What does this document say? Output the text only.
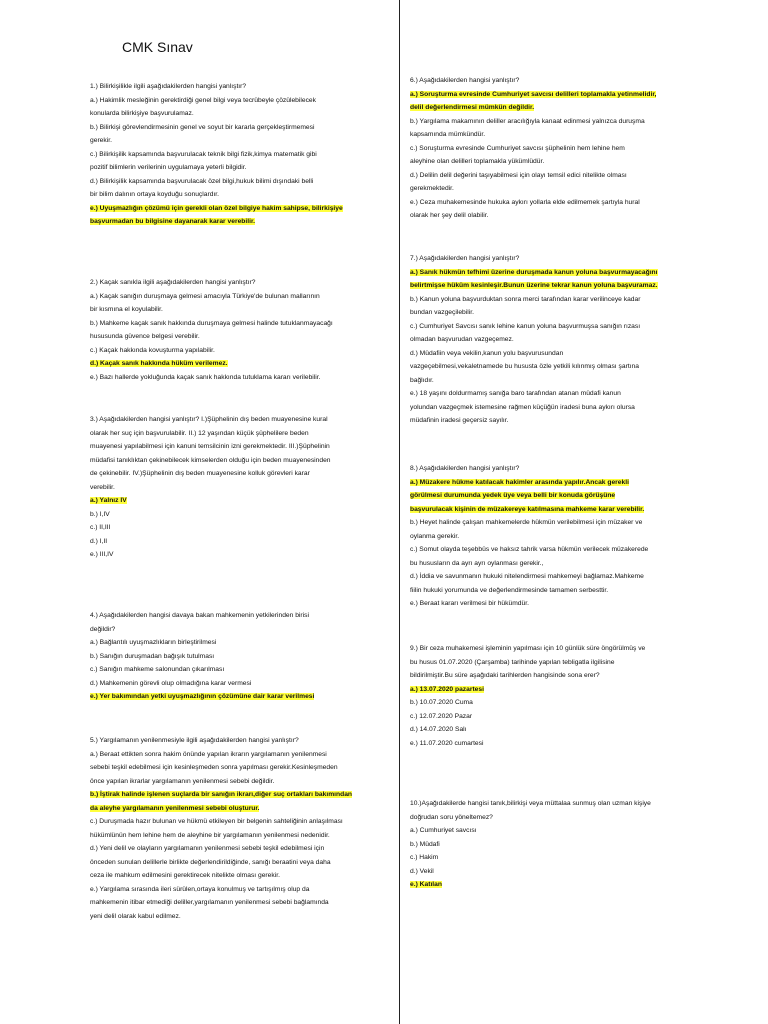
CMK Sınav
1.) Bilirkişilikle ilgili aşağıdakilerden hangisi yanlıştır?
a.) Hakimlik mesleğinin gerektirdiği genel bilgi veya tecrübeyle çözülebilecek
konularda bilirkişiye başvurulamaz.
b.) Bilirkişi görevlendirmesinin genel ve soyut bir kararla gerçekleştirmemesi
gerekir.
c.) Bilirkişilik kapsamında başvurulacak teknik bilgi fizik,kimya matematik gibi
pozitif bilimlerin verilerinin uygulamaya yeterli bilgidir.
d.) Bilirkişilik kapsamında başvurulacak özel bilgi,hukuk bilimi dışındaki belli
bir bilim dalının ortaya koyduğu sonuçlardır.
e.) Uyuşmazlığın çözümü için gerekli olan özel bilgiye hakim sahipse, bilirkişiye
başvurmadan bu bilgisine dayanarak karar verebilir.
2.) Kaçak sanıkla ilgili aşağıdakilerden hangisi yanlıştır?
a.) Kaçak sanığın duruşmaya gelmesi amacıyla Türkiye'de bulunan mallarının
bir kısmına el koyulabilir.
b.) Mahkeme kaçak sanık hakkında duruşmaya gelmesi halinde tutuklanmayacağı
hususunda güvence belgesi verebilir.
c.) Kaçak hakkında kovuşturma yapılabilir.
d.) Kaçak sanık hakkında hüküm verilemez.
e.) Bazı hallerde yokluğunda kaçak sanık hakkında tutuklama kararı verilebilir.
3.) Aşağıdakilerden hangisi yanlıştır? I.)Şüphelinin dış beden muayenesine kural
olarak her suç için başvurulabilir. II.) 12 yaşından küçük şüphelilere beden
muayenesi yapılabilmesi için kanuni temsilcinin izni gerekmektedir. III.)Şüphelinin
müdafisi tanıklıktan çekinebilecek kimselerden olduğu için beden muayenesinden
de çekinebilir. IV.)Şüphelinin dış beden muayenesine kolluk görevleri karar
verebilir.
a.) Yalnız IV
b.) I,IV
c.) II,III
d.) I,II
e.) III,IV
4.) Aşağıdakilerden hangisi davaya bakan mahkemenin yetkilerinden birisi
değildir?
a.) Bağlantılı uyuşmazlıkların birleştirilmesi
b.) Sanığın duruşmadan bağışık tutulması
c.) Sanığın mahkeme salonundan çıkarılması
d.) Mahkemenin görevli olup olmadığına karar vermesi
e.) Yer bakımından yetki uyuşmazlığının çözümüne dair karar verilmesi
5.) Yargılamanın yenilenmesiyle ilgili aşağıdakilerden hangisi yanlıştır?
a.) Beraat ettikten sonra hakim önünde yapılan ikrarın yargılamanın yenilenmesi
sebebi teşkil edebilmesi için kesinleşmeden sonra yapılması gerekir.Kesinleşmeden
önce yapılan ikrarlar yargılamanın yenilenmesi sebebi değildir.
b.) İştirak halinde işlenen suçlarda bir sanığın ikrarı,diğer suç ortakları bakımından
da aleyhe yargılamanın yenilenmesi sebebi oluşturur.
c.) Duruşmada hazır bulunan ve hükmü etkileyen bir belgenin sahteliğinin anlaşılması
hükümlünün hem lehine hem de aleyhine bir yargılamanın yenilenmesi nedenidir.
d.) Yeni delil ve olayların yargılamanın yenilenmesi sebebi teşkil edebilmesi için
önceden sunulan delillerle birlikte değerlendirildiğinde, sanığı beraatini veya daha
ceza ile mahkum edilmesini gerektirecek nitelikte olması gerekir.
e.) Yargılama sırasında ileri sürülen,ortaya konulmuş ve tartışılmış olup da
mahkemenin itibar etmediği deliller,yargılamanın yenilenmesi sebebi bağlamında
yeni delil olarak kabul edilmez.
6.) Aşağıdakilerden hangisi yanlıştır?
a.) Soruşturma evresinde Cumhuriyet savcısı delilleri toplamakla yetinmelidir,
delil değerlendirmesi mümkün değildir.
b.) Yargılama makamının deliller aracılığıyla kanaat edinmesi yalnızca duruşma
kapsamında mümkündür.
c.) Soruşturma evresinde Cumhuriyet savcısı şüphelinin hem lehine hem
aleyhine olan delilleri toplamakla yükümlüdür.
d.) Delilin delil değerini taşıyabilmesi için olayı temsil edici nitelikte olması
gerekmektedir.
e.) Ceza muhakemesinde hukuka aykırı yollarla elde edilmemek şartıyla hural
olarak her şey delil olabilir.
7.) Aşağıdakilerden hangisi yanlıştır?
a.) Sanık hükmün tefhimi üzerine duruşmada kanun yoluna başvurmayacağını
belirtmişse hüküm kesinleşir.Bunun üzerine tekrar kanun yoluna başvuramaz.
b.) Kanun yoluna başvurduktan sonra merci tarafından karar verilinceye kadar
bundan vazgeçilebilir.
c.) Cumhuriyet Savcısı sanık lehine kanun yoluna başvurmuşsa sanığın rızası
olmadan başvurudan vazgeçemez.
d.) Müdafiin veya vekilin,kanun yolu başvurusundan
vazgeçebilmesi,vekaletnamede bu hususta özle yetkili kılınmış olması şartına
bağlıdır.
e.) 18 yaşını doldurmamış sanığa baro tarafından atanan müdafi kanun
yolundan vazgeçmek istemesine rağmen küçüğün iradesi buna aykırı olursa
müdafinin iradesi geçersiz sayılır.
8.) Aşağıdakilerden hangisi yanlıştır?
a.) Müzakere hükme katılacak hakimler arasında yapılır.Ancak gerekli
görülmesi durumunda yedek üye veya belli bir konuda görüşüne
başvurulacak kişinin de müzakereye katılmasına mahkeme karar verebilir.
b.) Heyet halinde çalışan mahkemelerde hükmün verilebilmesi için müzaker ve
oylanma gerekir.
c.) Somut olayda teşebbüs ve haksız tahrik varsa hükmün verilecek müzakerede
bu hususların da ayrı ayrı oylanması gerekir.,
d.) İddia ve savunmanın hukuki nitelendirmesi mahkemeyi bağlamaz.Mahkeme
fiilin hukuki yorumunda ve değerlendirmesinde tamamen serbesttir.
e.) Beraat kararı verilmesi bir hükümdür.
9.) Bir ceza muhakemesi işleminin yapılması için 10 günlük süre öngörülmüş ve
bu husus 01.07.2020 (Çarşamba) tarihinde yapılan tebligatla ilgilisine
bildirilmiştir.Bu süre aşağıdaki tarihlerden hangisinde sona erer?
a.) 13.07.2020 pazartesi
b.) 10.07.2020 Cuma
c.) 12.07.2020 Pazar
d.) 14.07.2020 Salı
e.) 11.07.2020 cumartesi
10.)Aşağıdakilerde hangisi tanık,bilirkişi veya müttalaa sunmuş olan uzman kişiye
doğrudan soru yöneltemez?
a.) Cumhuriyet savcısı
b.) Müdafi
c.) Hakim
d.) Vekil
e.) Katılan
